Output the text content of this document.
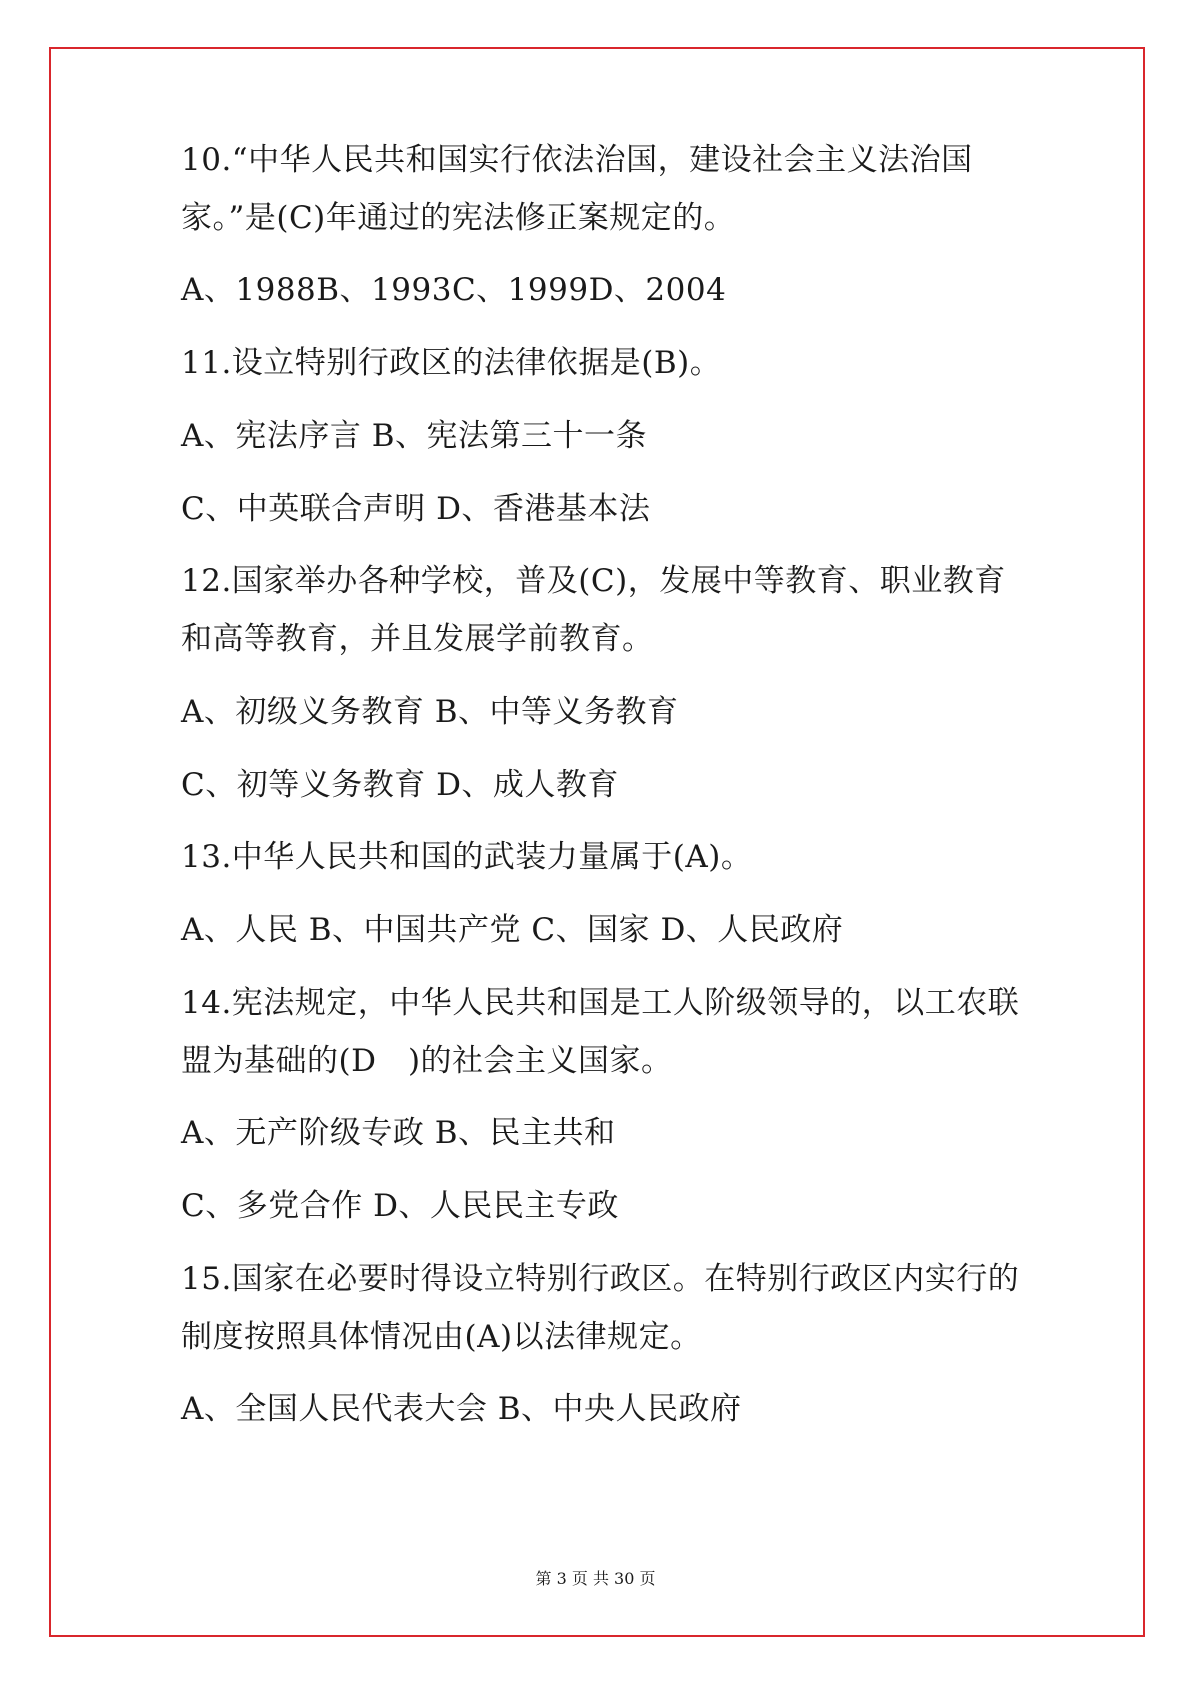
10.“中华人民共和国实行依法治国，建设社会主义法治国
家。”是(C)年通过的宪法修正案规定的。
A、1988B、1993C、1999D、2004
11.设立特别行政区的法律依据是(B)。
A、宪法序言 B、宪法第三十一条
C、中英联合声明 D、香港基本法
12.国家举办各种学校，普及(C)，发展中等教育、职业教育
和高等教育，并且发展学前教育。
A、初级义务教育 B、中等义务教育
C、初等义务教育 D、成人教育
13.中华人民共和国的武装力量属于(A)。
A、人民 B、中国共产党 C、国家 D、人民政府
14.宪法规定，中华人民共和国是工人阶级领导的，以工农联
盟为基础的(D　)的社会主义国家。
A、无产阶级专政 B、民主共和
C、多党合作 D、人民民主专政
15.国家在必要时得设立特别行政区。在特别行政区内实行的
制度按照具体情况由(A)以法律规定。
A、全国人民代表大会 B、中央人民政府
第 3 页 共 30 页
